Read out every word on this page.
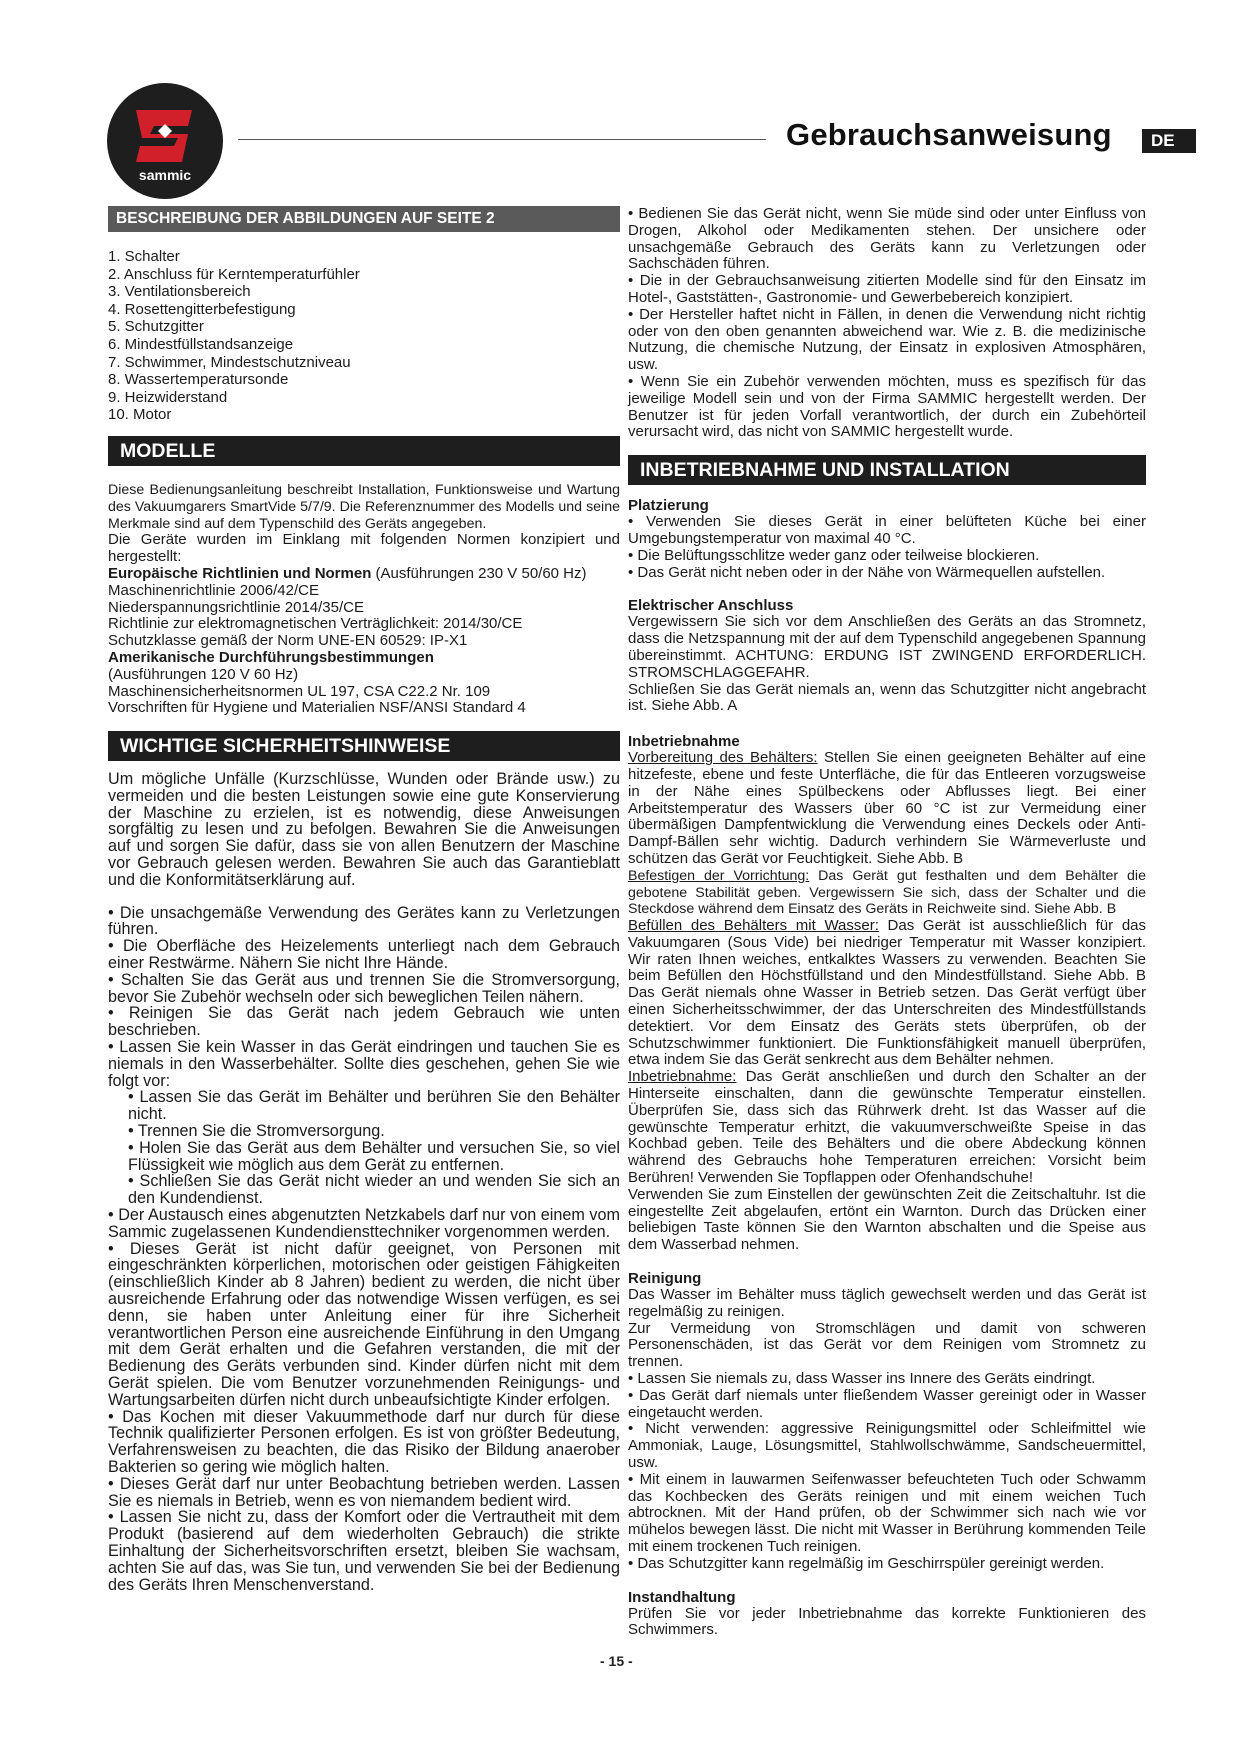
sammic
Gebrauchsanweisung	DE
BESCHREIBUNG DER ABBILDUNGEN AUF SEITE 2
1. Schalter
2. Anschluss für Kerntemperaturfühler
3. Ventilationsbereich
4. Rosettengitterbefestigung
5. Schutzgitter
6. Mindestfüllstandsanzeige
7. Schwimmer, Mindestschutzniveau
8. Wassertemperatursonde
9. Heizwiderstand
10. Motor
MODELLE

Diese Bedienungsanleitung beschreibt Installation, Funktionsweise und Wartung des Vakuumgarers SmartVide 5/7/9. Die Referenznummer des Modells und seine Merkmale sind auf dem Typenschild des Geräts angegeben.

Die Geräte wurden im Einklang mit folgenden Normen konzipiert und hergestellt:

Europäische Richtlinien und Normen (Ausführungen 230 V 50/60 Hz)

Maschinenrichtlinie 2006/42/CE

Niederspannungsrichtlinie 2014/35/CE

Richtlinie zur elektromagnetischen Verträglichkeit: 2014/30/CE

Schutzklasse gemäß der Norm UNE-EN 60529: IP-X1

Amerikanische Durchführungsbestimmungen

(Ausführungen 120 V 60 Hz)

Maschinensicherheitsnormen UL 197, CSA C22.2 Nr. 109

Vorschriften für Hygiene und Materialien NSF/ANSI Standard 4

WICHTIGE SICHERHEITSHINWEISE

Um mögliche Unfälle (Kurzschlüsse, Wunden oder Brände usw.) zu vermeiden und die besten Leistungen sowie eine gute Konservierung der Maschine zu erzielen, ist es notwendig, diese Anweisungen sorgfältig zu lesen und zu befolgen. Bewahren Sie die Anweisungen auf und sorgen Sie dafür, dass sie von allen Benutzern der Maschine vor Gebrauch gelesen werden. Bewahren Sie auch das Garantieblatt und die Konformitätserklärung auf.

• Die unsachgemäße Verwendung des Gerätes kann zu Verletzungen führen.

• Die Oberfläche des Heizelements unterliegt nach dem Gebrauch einer Restwärme. Nähern Sie nicht Ihre Hände.

• Schalten Sie das Gerät aus und trennen Sie die Stromversorgung, bevor Sie Zubehör wechseln oder sich beweglichen Teilen nähern.

• Reinigen Sie das Gerät nach jedem Gebrauch wie unten beschrieben.

• Lassen Sie kein Wasser in das Gerät eindringen und tauchen Sie es niemals in den Wasserbehälter. Sollte dies geschehen, gehen Sie wie folgt vor:

• Lassen Sie das Gerät im Behälter und berühren Sie den Behälter nicht.

• Trennen Sie die Stromversorgung.

• Holen Sie das Gerät aus dem Behälter und versuchen Sie, so viel Flüssigkeit wie möglich aus dem Gerät zu entfernen.

• Schließen Sie das Gerät nicht wieder an und wenden Sie sich an den Kundendienst.

• Der Austausch eines abgenutzten Netzkabels darf nur von einem vom Sammic zugelassenen Kundendiensttechniker vorgenommen werden.

• Dieses Gerät ist nicht dafür geeignet, von Personen mit eingeschränkten körperlichen, motorischen oder geistigen Fähigkeiten (einschließlich Kinder ab 8 Jahren) bedient zu werden, die nicht über ausreichende Erfahrung oder das notwendige Wissen verfügen, es sei denn, sie haben unter Anleitung einer für ihre Sicherheit verantwortlichen Person eine ausreichende Einführung in den Umgang mit dem Gerät erhalten und die Gefahren verstanden, die mit der Bedienung des Geräts verbunden sind. Kinder dürfen nicht mit dem Gerät spielen. Die vom Benutzer vorzunehmenden Reinigungs- und Wartungsarbeiten dürfen nicht durch unbeaufsichtigte Kinder erfolgen.

• Das Kochen mit dieser Vakuummethode darf nur durch für diese Technik qualifizierter Personen erfolgen. Es ist von größter Bedeutung, Verfahrensweisen zu beachten, die das Risiko der Bildung anaerober Bakterien so gering wie möglich halten.

• Dieses Gerät darf nur unter Beobachtung betrieben werden. Lassen Sie es niemals in Betrieb, wenn es von niemandem bedient wird.

• Lassen Sie nicht zu, dass der Komfort oder die Vertrautheit mit dem Produkt (basierend auf dem wiederholten Gebrauch) die strikte Einhaltung der Sicherheitsvorschriften ersetzt, bleiben Sie wachsam, achten Sie auf das, was Sie tun, und verwenden Sie bei der Bedienung des Geräts Ihren Menschenverstand.

• Bedienen Sie das Gerät nicht, wenn Sie müde sind oder unter Einfluss von Drogen, Alkohol oder Medikamenten stehen. Der unsichere oder unsachgemäße Gebrauch des Geräts kann zu Verletzungen oder Sachschäden führen.

• Die in der Gebrauchsanweisung zitierten Modelle sind für den Einsatz im Hotel-, Gaststätten-, Gastronomie- und Gewerbebereich konzipiert.

• Der Hersteller haftet nicht in Fällen, in denen die Verwendung nicht richtig oder von den oben genannten abweichend war. Wie z. B. die medizinische Nutzung, die chemische Nutzung, der Einsatz in explosiven Atmosphären, usw.

• Wenn Sie ein Zubehör verwenden möchten, muss es spezifisch für das jeweilige Modell sein und von der Firma SAMMIC hergestellt werden. Der Benutzer ist für jeden Vorfall verantwortlich, der durch ein Zubehörteil verursacht wird, das nicht von SAMMIC hergestellt wurde.

INBETRIEBNAHME UND INSTALLATION

Platzierung

• Verwenden Sie dieses Gerät in einer belüfteten Küche bei einer Umgebungstemperatur von maximal 40 °C.

• Die Belüftungsschlitze weder ganz oder teilweise blockieren.

• Das Gerät nicht neben oder in der Nähe von Wärmequellen aufstellen.

Elektrischer Anschluss

Vergewissern Sie sich vor dem Anschließen des Geräts an das Stromnetz, dass die Netzspannung mit der auf dem Typenschild angegebenen Spannung übereinstimmt. ACHTUNG: ERDUNG IST ZWINGEND ERFORDERLICH. STROMSCHLAGGEFAHR.

Schließen Sie das Gerät niemals an, wenn das Schutzgitter nicht angebracht ist. Siehe Abb. A

Inbetriebnahme

Vorbereitung des Behälters: Stellen Sie einen geeigneten Behälter auf eine hitzefeste, ebene und feste Unterfläche, die für das Entleeren vorzugsweise in der Nähe eines Spülbeckens oder Abflusses liegt. Bei einer Arbeitstemperatur des Wassers über 60 °C ist zur Vermeidung einer übermäßigen Dampfentwicklung die Verwendung eines Deckels oder Anti-Dampf-Bällen sehr wichtig. Dadurch verhindern Sie Wärmeverluste und schützen das Gerät vor Feuchtigkeit. Siehe Abb. B

Befestigen der Vorrichtung: Das Gerät gut festhalten und dem Behälter die gebotene Stabilität geben. Vergewissern Sie sich, dass der Schalter und die Steckdose während dem Einsatz des Geräts in Reichweite sind. Siehe Abb. B

Befüllen des Behälters mit Wasser: Das Gerät ist ausschließlich für das Vakuumgaren (Sous Vide) bei niedriger Temperatur mit Wasser konzipiert. Wir raten Ihnen weiches, entkalktes Wassers zu verwenden. Beachten Sie beim Befüllen den Höchstfüllstand und den Mindestfüllstand. Siehe Abb. B Das Gerät niemals ohne Wasser in Betrieb setzen. Das Gerät verfügt über einen Sicherheitsschwimmer, der das Unterschreiten des Mindestfüllstands detektiert. Vor dem Einsatz des Geräts stets überprüfen, ob der Schutzschwimmer funktioniert. Die Funktionsfähigkeit manuell überprüfen, etwa indem Sie das Gerät senkrecht aus dem Behälter nehmen.

Inbetriebnahme: Das Gerät anschließen und durch den Schalter an der Hinterseite einschalten, dann die gewünschte Temperatur einstellen. Überprüfen Sie, dass sich das Rührwerk dreht. Ist das Wasser auf die gewünschte Temperatur erhitzt, die vakuumverschweißte Speise in das Kochbad geben. Teile des Behälters und die obere Abdeckung können während des Gebrauchs hohe Temperaturen erreichen: Vorsicht beim Berühren! Verwenden Sie Topflappen oder Ofenhandschuhe!

Verwenden Sie zum Einstellen der gewünschten Zeit die Zeitschaltuhr. Ist die eingestellte Zeit abgelaufen, ertönt ein Warnton. Durch das Drücken einer beliebigen Taste können Sie den Warnton abschalten und die Speise aus dem Wasserbad nehmen.

Reinigung

Das Wasser im Behälter muss täglich gewechselt werden und das Gerät ist regelmäßig zu reinigen.

Zur Vermeidung von Stromschlägen und damit von schweren Personenschäden, ist das Gerät vor dem Reinigen vom Stromnetz zu trennen.

• Lassen Sie niemals zu, dass Wasser ins Innere des Geräts eindringt.

• Das Gerät darf niemals unter fließendem Wasser gereinigt oder in Wasser eingetaucht werden.

• Nicht verwenden: aggressive Reinigungsmittel oder Schleifmittel wie Ammoniak, Lauge, Lösungsmittel, Stahlwollschwämme, Sandscheuermittel, usw.

• Mit einem in lauwarmen Seifenwasser befeuchteten Tuch oder Schwamm das Kochbecken des Geräts reinigen und mit einem weichen Tuch abtrocknen. Mit der Hand prüfen, ob der Schwimmer sich nach wie vor mühelos bewegen lässt. Die nicht mit Wasser in Berührung kommenden Teile mit einem trockenen Tuch reinigen.

• Das Schutzgitter kann regelmäßig im Geschirrspüler gereinigt werden.

Instandhaltung

Prüfen Sie vor jeder Inbetriebnahme das korrekte Funktionieren des Schwimmers.

- 15 -
